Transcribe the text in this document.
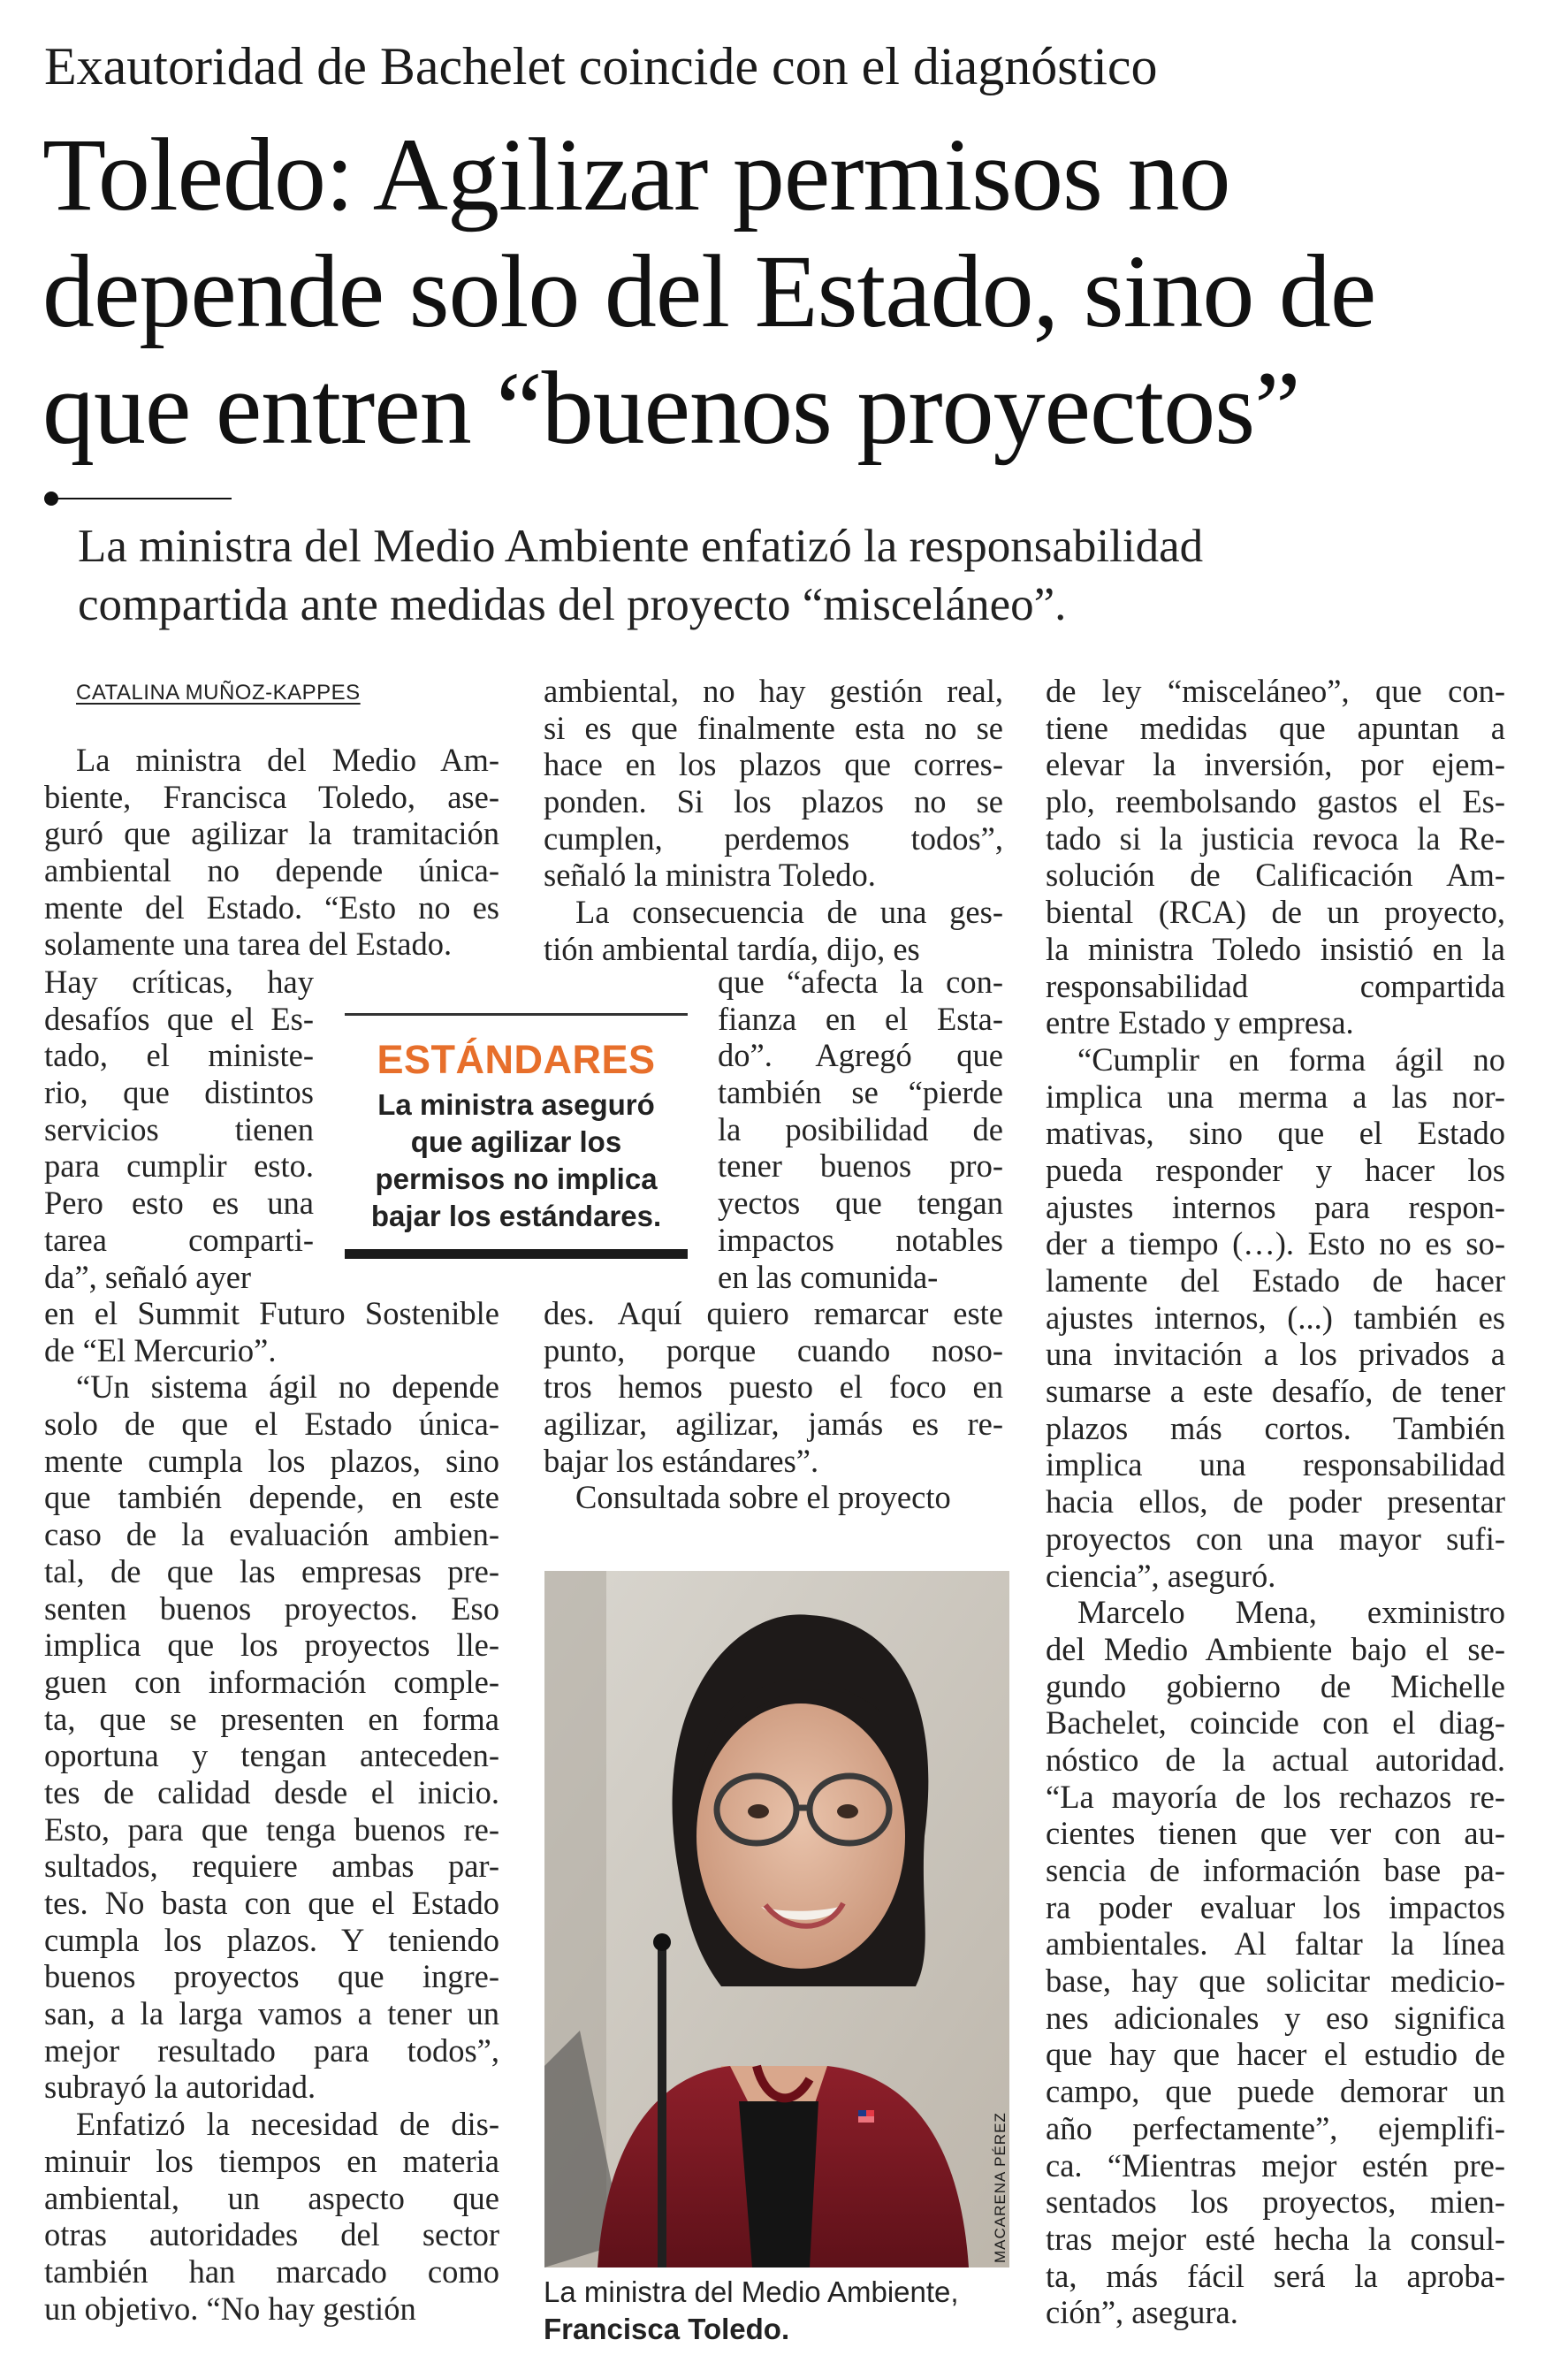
Exautoridad de Bachelet coincide con el diagnóstico
Toledo: Agilizar permisos no
depende solo del Estado, sino de
que entren “buenos proyectos”
La ministra del Medio Ambiente enfatizó la responsabilidad
compartida ante medidas del proyecto “misceláneo”.
CATALINA MUÑOZ-KAPPES
La ministra del Medio Am-
biente, Francisca Toledo, ase-
guró que agilizar la tramitación
ambiental no depende única-
mente del Estado. “Esto no es
solamente una tarea del Estado.
Hay críticas, hay
desafíos que el Es-
tado, el ministe-
rio, que distintos
servicios tienen
para cumplir esto.
Pero esto es una
tarea comparti-
da”, señaló ayer
en el Summit Futuro Sostenible
de “El Mercurio”.
“Un sistema ágil no depende
solo de que el Estado única-
mente cumpla los plazos, sino
que también depende, en este
caso de la evaluación ambien-
tal, de que las empresas pre-
senten buenos proyectos. Eso
implica que los proyectos lle-
guen con información comple-
ta, que se presenten en forma
oportuna y tengan anteceden-
tes de calidad desde el inicio.
Esto, para que tenga buenos re-
sultados, requiere ambas par-
tes. No basta con que el Estado
cumpla los plazos. Y teniendo
buenos proyectos que ingre-
san, a la larga vamos a tener un
mejor resultado para todos”,
subrayó la autoridad.
Enfatizó la necesidad de dis-
minuir los tiempos en materia
ambiental, un aspecto que
otras autoridades del sector
también han marcado como
un objetivo. “No hay gestión
ambiental, no hay gestión real,
si es que finalmente esta no se
hace en los plazos que corres-
ponden. Si los plazos no se
cumplen, perdemos todos”,
señaló la ministra Toledo.
La consecuencia de una ges-
tión ambiental tardía, dijo, es
que “afecta la con-
fianza en el Esta-
do”. Agregó que
también se “pierde
la posibilidad de
tener buenos pro-
yectos que tengan
impactos notables
en las comunida-
des. Aquí quiero remarcar este
punto, porque cuando noso-
tros hemos puesto el foco en
agilizar, agilizar, jamás es re-
bajar los estándares”.
Consultada sobre el proyecto
de ley “misceláneo”, que con-
tiene medidas que apuntan a
elevar la inversión, por ejem-
plo, reembolsando gastos el Es-
tado si la justicia revoca la Re-
solución de Calificación Am-
biental (RCA) de un proyecto,
la ministra Toledo insistió en la
responsabilidad compartida
entre Estado y empresa.
“Cumplir en forma ágil no
implica una merma a las nor-
mativas, sino que el Estado
pueda responder y hacer los
ajustes internos para respon-
der a tiempo (…). Esto no es so-
lamente del Estado de hacer
ajustes internos, (...) también es
una invitación a los privados a
sumarse a este desafío, de tener
plazos más cortos. También
implica una responsabilidad
hacia ellos, de poder presentar
proyectos con una mayor sufi-
ciencia”, aseguró.
Marcelo Mena, exministro
del Medio Ambiente bajo el se-
gundo gobierno de Michelle
Bachelet, coincide con el diag-
nóstico de la actual autoridad.
“La mayoría de los rechazos re-
cientes tienen que ver con au-
sencia de información base pa-
ra poder evaluar los impactos
ambientales. Al faltar la línea
base, hay que solicitar medicio-
nes adicionales y eso significa
que hay que hacer el estudio de
campo, que puede demorar un
año perfectamente”, ejemplifi-
ca. “Mientras mejor estén pre-
sentados los proyectos, mien-
tras mejor esté hecha la consul-
ta, más fácil será la aproba-
ción”, asegura.
ESTÁNDARES
La ministra aseguró
que agilizar los
permisos no implica
bajar los estándares.
MACARENA PÉREZ
La ministra del Medio Ambiente,
Francisca Toledo.
